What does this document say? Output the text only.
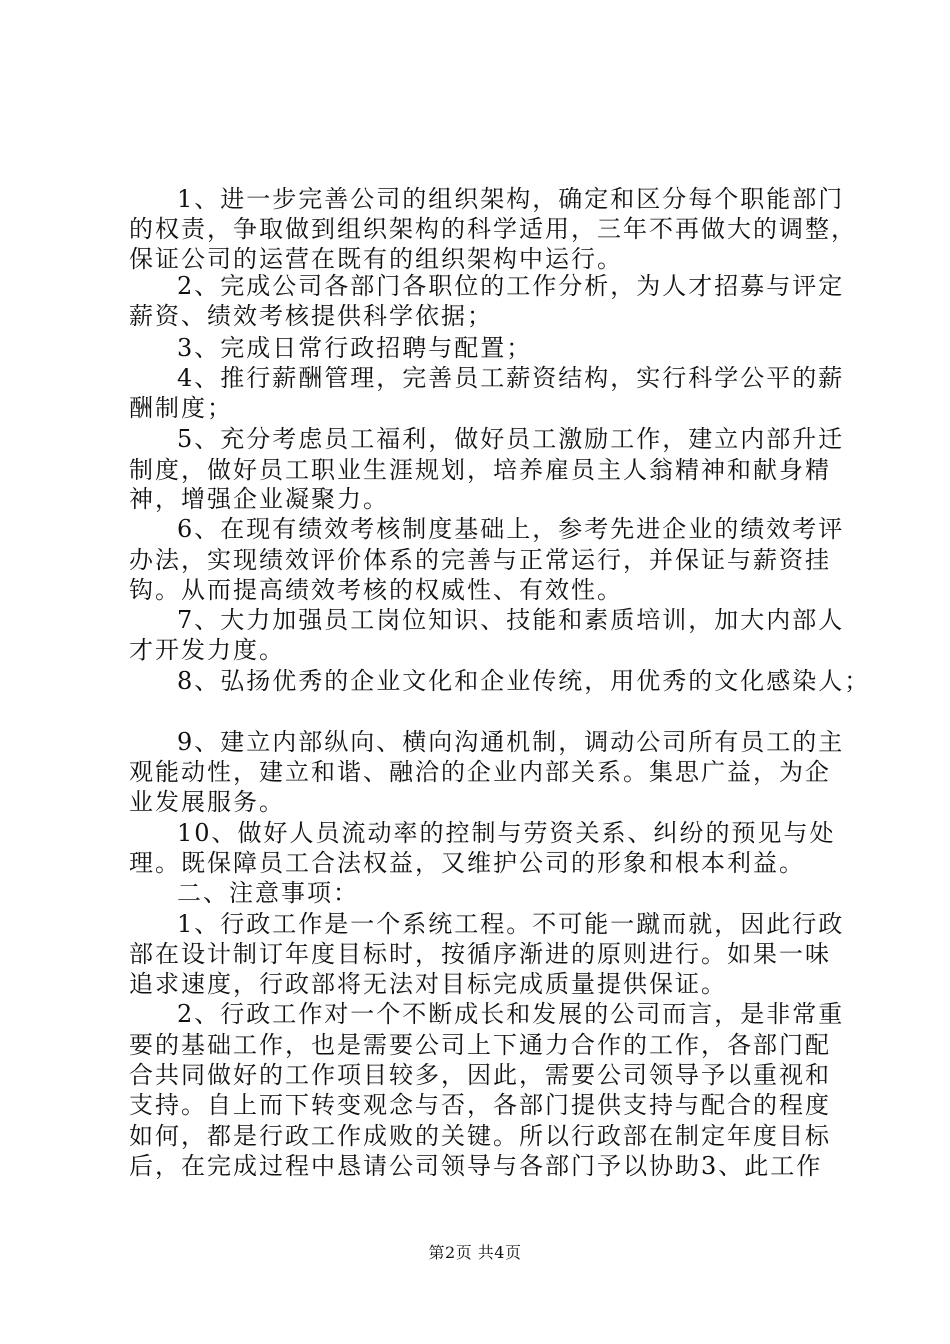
1、进一步完善公司的组织架构，确定和区分每个职能部门
的权责，争取做到组织架构的科学适用，三年不再做大的调整，
保证公司的运营在既有的组织架构中运行。
2、完成公司各部门各职位的工作分析，为人才招募与评定
薪资、绩效考核提供科学依据；
3、完成日常行政招聘与配置；
4、推行薪酬管理，完善员工薪资结构，实行科学公平的薪
酬制度；
5、充分考虑员工福利，做好员工激励工作，建立内部升迁
制度，做好员工职业生涯规划，培养雇员主人翁精神和献身精
神，增强企业凝聚力。
6、在现有绩效考核制度基础上，参考先进企业的绩效考评
办法，实现绩效评价体系的完善与正常运行，并保证与薪资挂
钩。从而提高绩效考核的权威性、有效性。
7、大力加强员工岗位知识、技能和素质培训，加大内部人
才开发力度。
8、弘扬优秀的企业文化和企业传统，用优秀的文化感染人；
9、建立内部纵向、横向沟通机制，调动公司所有员工的主
观能动性，建立和谐、融洽的企业内部关系。集思广益，为企
业发展服务。
10、做好人员流动率的控制与劳资关系、纠纷的预见与处
理。既保障员工合法权益，又维护公司的形象和根本利益。
二、注意事项：
1、行政工作是一个系统工程。不可能一蹴而就，因此行政
部在设计制订年度目标时，按循序渐进的原则进行。如果一味
追求速度，行政部将无法对目标完成质量提供保证。
2、行政工作对一个不断成长和发展的公司而言，是非常重
要的基础工作，也是需要公司上下通力合作的工作，各部门配
合共同做好的工作项目较多，因此，需要公司领导予以重视和
支持。自上而下转变观念与否，各部门提供支持与配合的程度
如何，都是行政工作成败的关键。所以行政部在制定年度目标
后，在完成过程中恳请公司领导与各部门予以协助3、此工作
第2页 共4页
